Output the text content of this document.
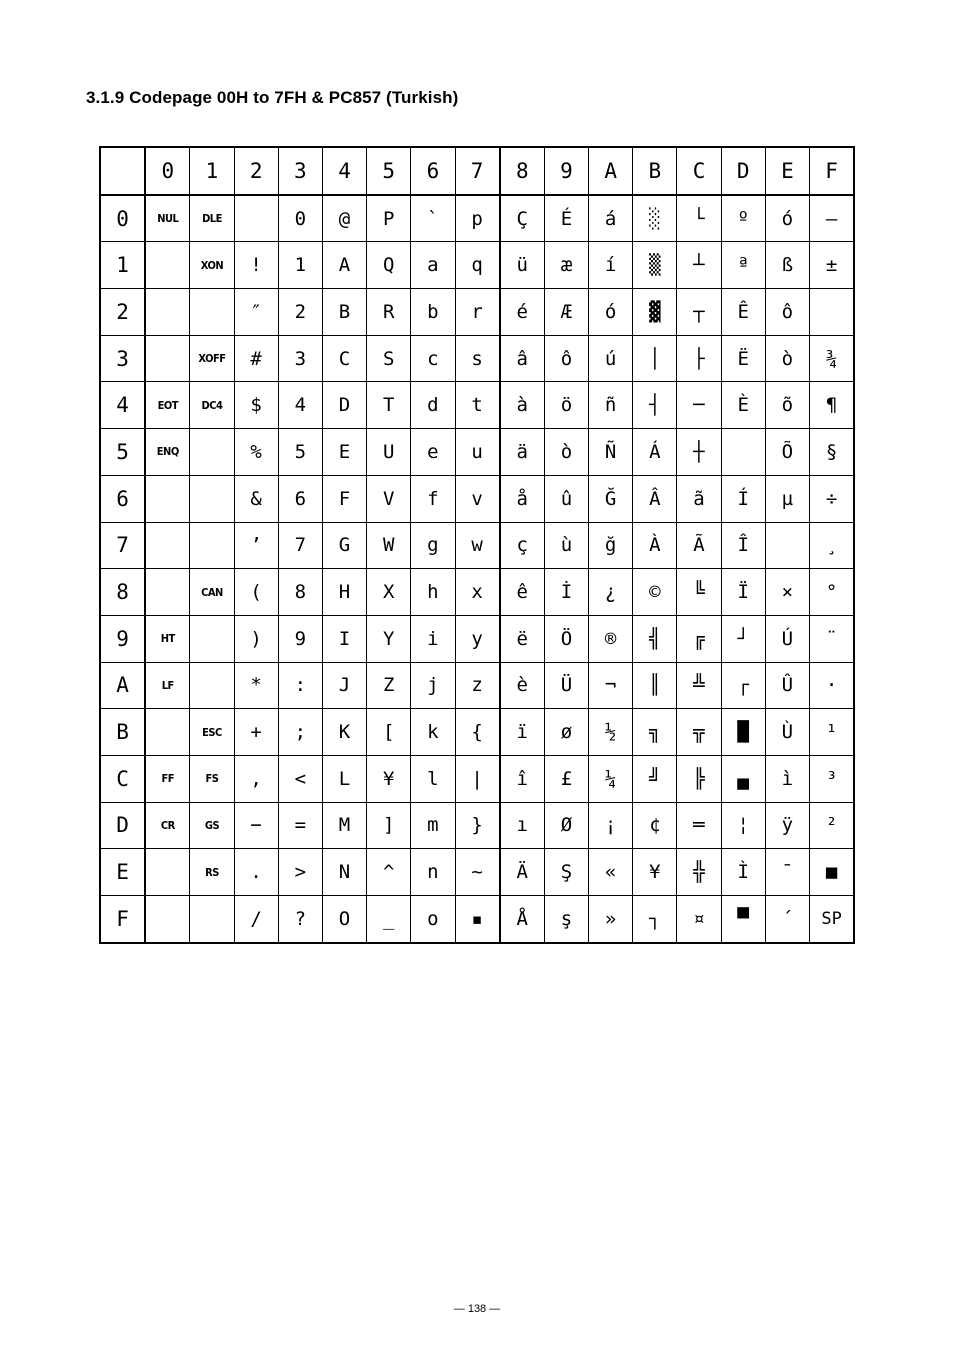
3.1.9 Codepage 00H to 7FH & PC857 (Turkish)
	0	1	2	3	4	5	6	7	8	9	A	B	C	D	E	F
0	NUL	DLE		0	@	P	`	p	Ç	É	á	░	└	º	ó	—
1		XON	!	1	A	Q	a	q	ü	æ	í	▒	┴	ª	ß	±
2			″	2	B	R	b	r	é	Æ	ó	▓	┬	Ê	ô	
3		XOFF	#	3	C	S	c	s	â	ô	ú	│	├	Ë	ò	¾
4	EOT	DC4	$	4	D	T	d	t	à	ö	ñ	┤	─	È	õ	¶
5	ENQ		%	5	E	U	e	u	ä	ò	Ñ	Á	┼		Õ	§
6			&	6	F	V	f	v	å	û	Ğ	Â	ã	Í	µ	÷
7			’	7	G	W	g	w	ç	ù	ğ	À	Ã	Î		¸
8		CAN	(	8	H	X	h	x	ê	İ	¿	©	╚	Ï	×	°
9	HT		)	9	I	Y	i	y	ë	Ö	®	╣	╔	┘	Ú	¨
A	LF		*	:	J	Z	j	z	è	Ü	¬	║	╩	┌	Û	·
B		ESC	+	;	K	[	k	{	ï	ø	½	╗	╦	█	Ù	¹
C	FF	FS	,	<	L	¥	l	|	î	£	¼	╝	╠	▄	ì	³
D	CR	GS	−	=	M	]	m	}	ı	Ø	¡	¢	═	¦	ÿ	²
E		RS	.	>	N	^	n	~	Ä	Ş	«	¥	╬	Ì	¯	■
F			/	?	O	_	o	▪	Å	ş	»	┐	¤	▀	´	SP
— 138 —
